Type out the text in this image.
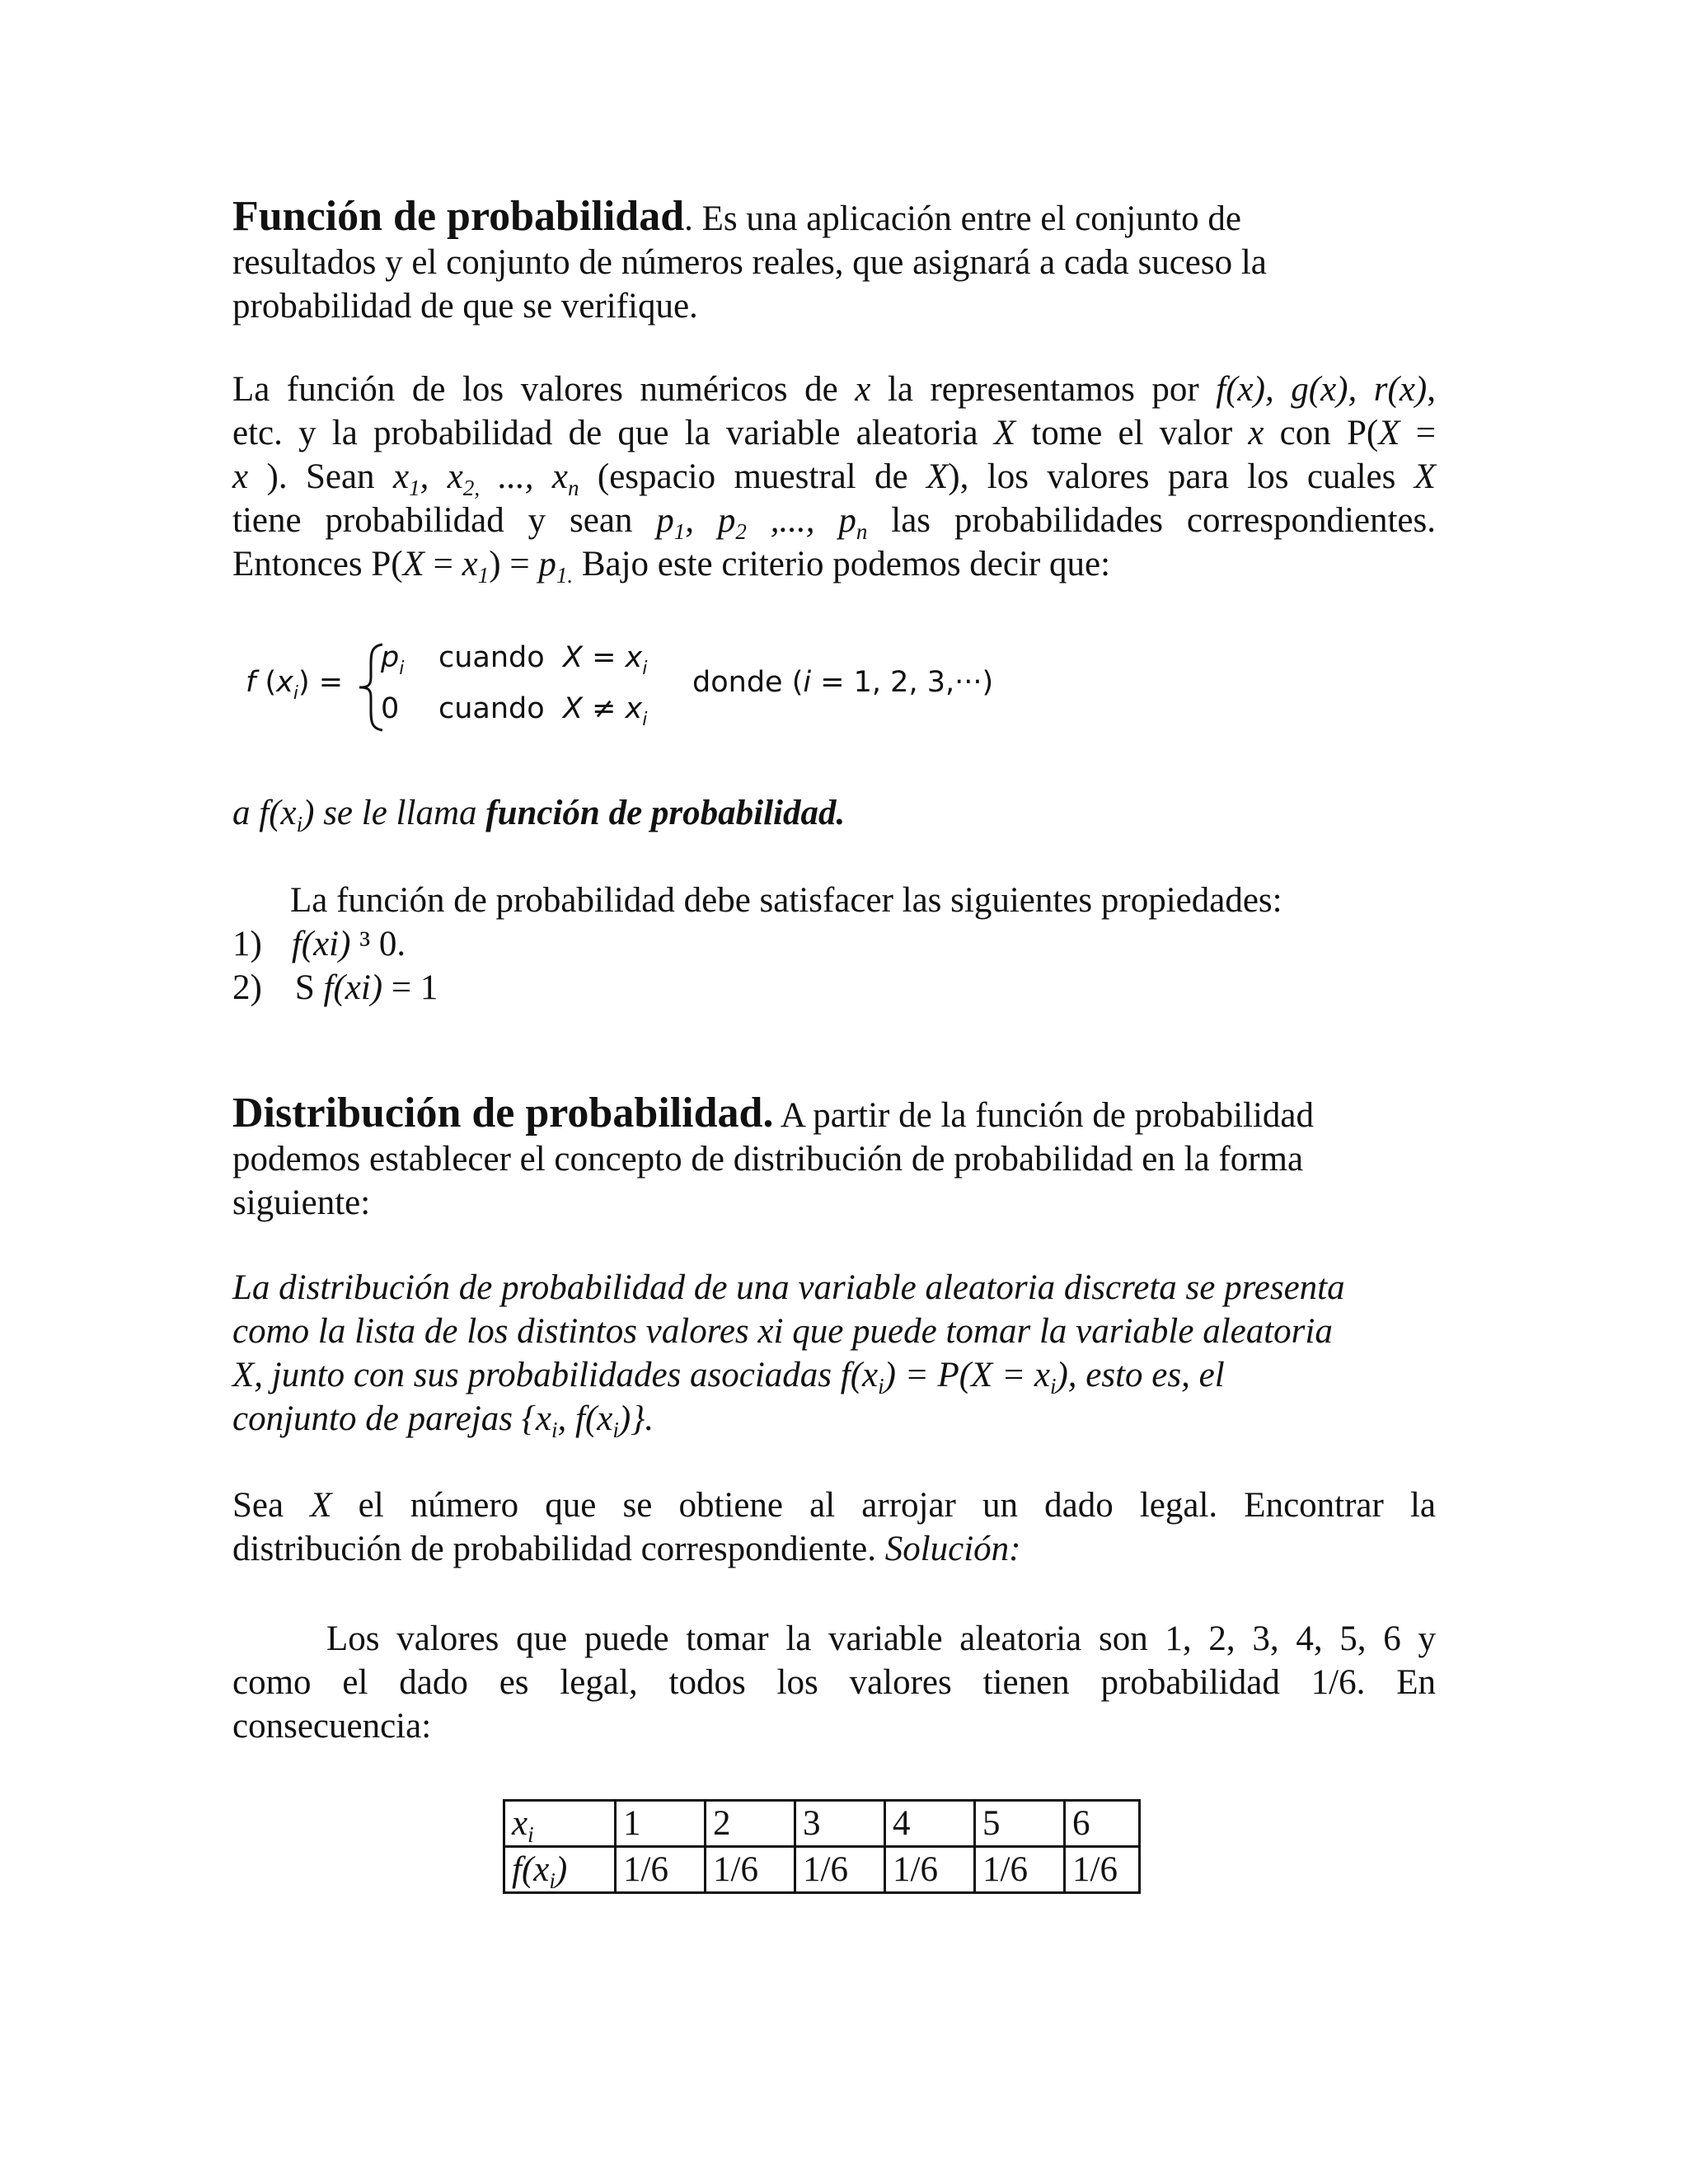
Función de probabilidad. Es una aplicación entre el conjunto de
resultados y el conjunto de números reales, que asignará a cada suceso la
probabilidad de que se verifique.
La función de los valores numéricos de x la representamos por f(x), g(x), r(x),
etc. y la probabilidad de que la variable aleatoria X tome el valor x con P(X =
x ). Sean $x_1$, $x_{2,}$ ..., $x_n$ (espacio muestral de X), los valores para los cuales X
tiene probabilidad y sean $p_1$, $p_2$ ,..., $p_n$ las probabilidades correspondientes.
Entonces $P(X = x_1) = p_{1.}$ Bajo este criterio podemos decir que:
f $(x_i)$ =
$p_i$ cuando $X = x_i$
0 cuando $X \ne x_i$
donde (i = 1, 2, 3,···)
a $f(x_i)$ se le llama función de probabilidad.
La función de probabilidad debe satisfacer las siguientes propiedades:
1) f(xi) ³ 0.
2) S f(xi) = 1
Distribución de probabilidad. A partir de la función de probabilidad
podemos establecer el concepto de distribución de probabilidad en la forma
siguiente:
La distribución de probabilidad de una variable aleatoria discreta se presenta
como la lista de los distintos valores xi que puede tomar la variable aleatoria
X, junto con sus probabilidades asociadas $f(x_i) = P(X = x_i)$, esto es, el
conjunto de parejas {$x_i$, $f(x_i)$}.
Sea X el número que se obtiene al arrojar un dado legal. Encontrar la
distribución de probabilidad correspondiente. Solución:
Los valores que puede tomar la variable aleatoria son 1, 2, 3, 4, 5, 6 y
como el dado es legal, todos los valores tienen probabilidad 1/6. En
consecuencia:
$x_i$	1	2	3	4	5	6
$f(x_i)$	1/6	1/6	1/6	1/6	1/6	1/6
